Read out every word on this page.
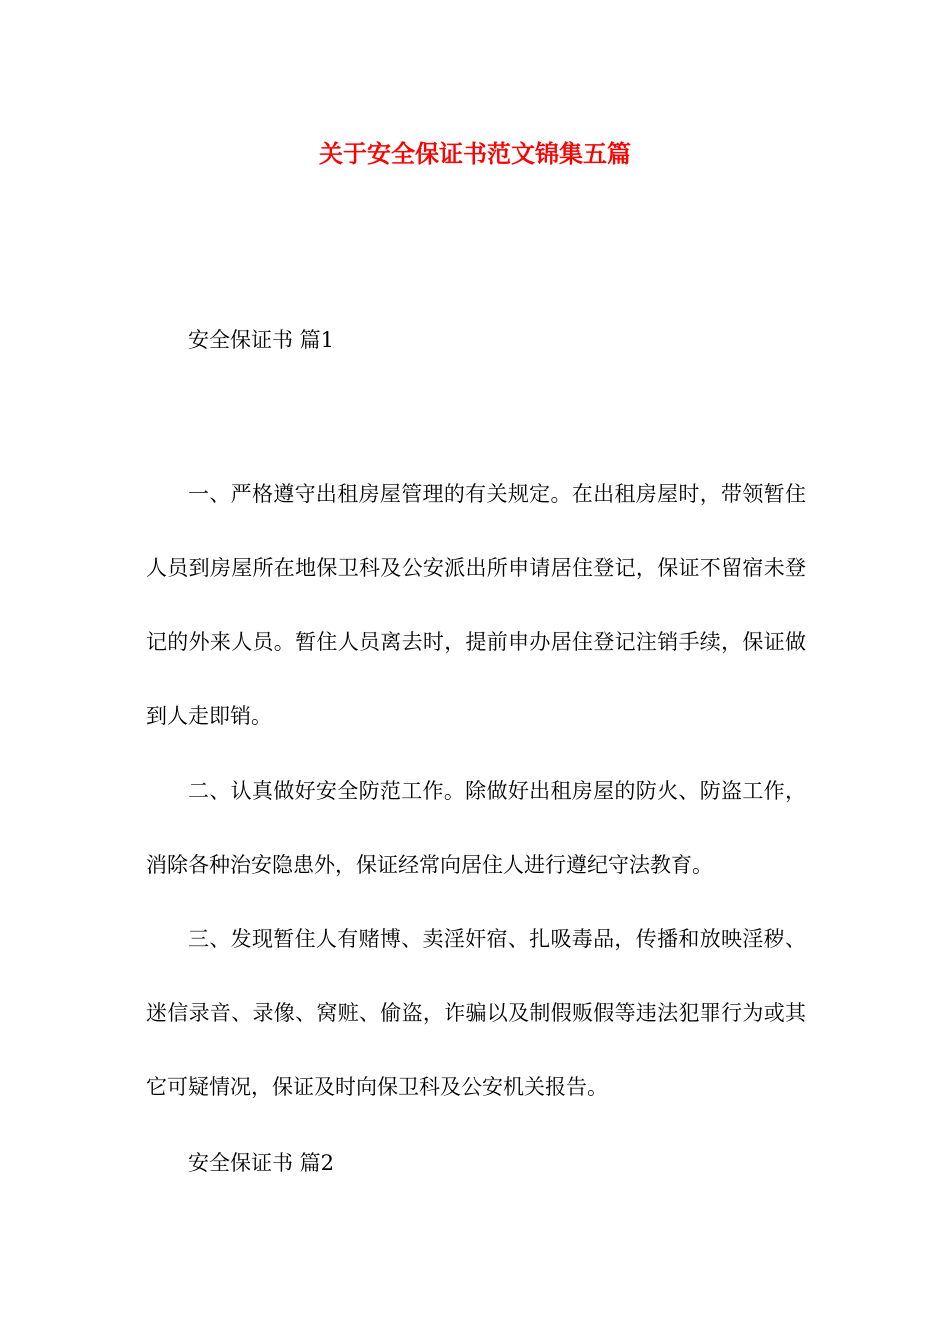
关于安全保证书范文锦集五篇

安全保证书 篇1

一、严格遵守出租房屋管理的有关规定。在出租房屋时，带领暂住人员到房屋所在地保卫科及公安派出所申请居住登记，保证不留宿未登记的外来人员。暂住人员离去时，提前申办居住登记注销手续，保证做到人走即销。

二、认真做好安全防范工作。除做好出租房屋的防火、防盗工作，消除各种治安隐患外，保证经常向居住人进行遵纪守法教育。

三、发现暂住人有赌博、卖淫奸宿、扎吸毒品，传播和放映淫秽、迷信录音、录像、窝赃、偷盗，诈骗以及制假贩假等违法犯罪行为或其它可疑情况，保证及时向保卫科及公安机关报告。

安全保证书 篇2
